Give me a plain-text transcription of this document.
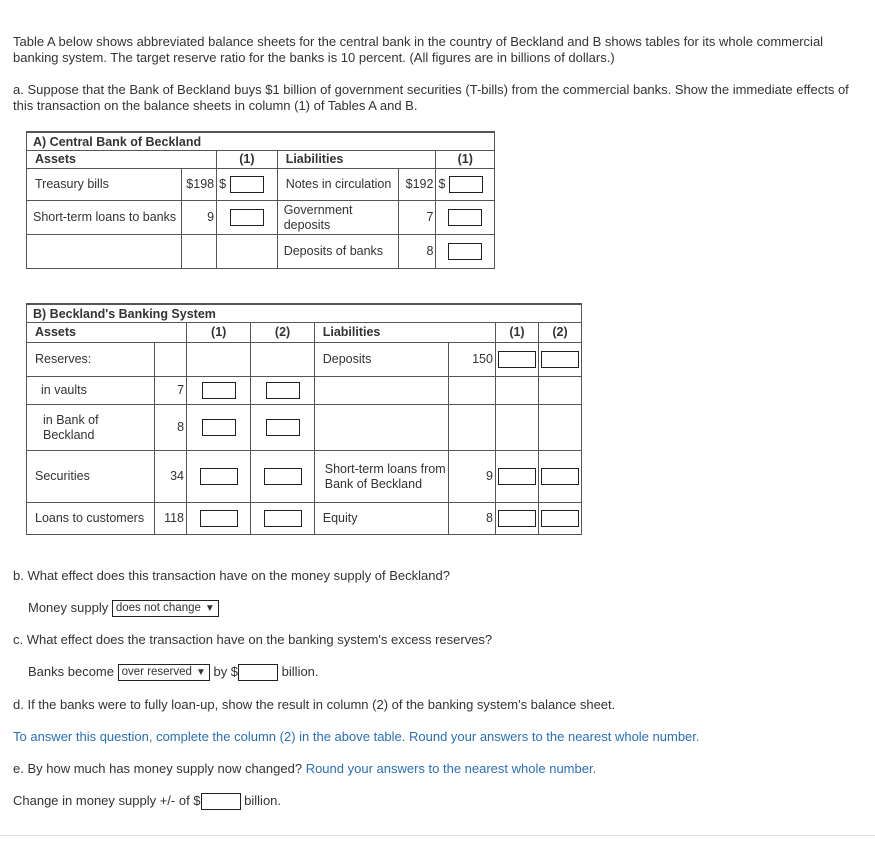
Table A below shows abbreviated balance sheets for the central bank in the country of Beckland and B shows tables for its whole commercial banking system. The target reserve ratio for the banks is 10 percent. (All figures are in billions of dollars.)
a. Suppose that the Bank of Beckland buys $1 billion of government securities (T-bills) from the commercial banks. Show the immediate effects of this transaction on the balance sheets in column (1) of Tables A and B.
A) Central Bank of Beckland					
Assets		(1)	Liabilities		(1)
Treasury bills	$198	$	Notes in circulation	$192	$
Short-term loans to banks	9		Government deposits	7	
			Deposits of banks	8	
B) Beckland's Banking System							
Assets		(1)	(2)	Liabilities		(1)	(2)
Reserves:				Deposits	150		
in vaults	7						

in Bank of Beckland	8						
Securities	34			Short-term loans from Bank of Beckland	9		
Loans to customers	118			Equity	8		
b. What effect does this transaction have on the money supply of Beckland?
Money supply does not change ▼
c. What effect does the transaction have on the banking system's excess reserves?
Banks become over reserved ▼ by $	billion.
d. If the banks were to fully loan-up, show the result in column (2) of the banking system's balance sheet.
To answer this question, complete the column (2) in the above table. Round your answers to the nearest whole number.
e. By how much has money supply now changed? Round your answers to the nearest whole number.
Change in money supply +/- of $	billion.
